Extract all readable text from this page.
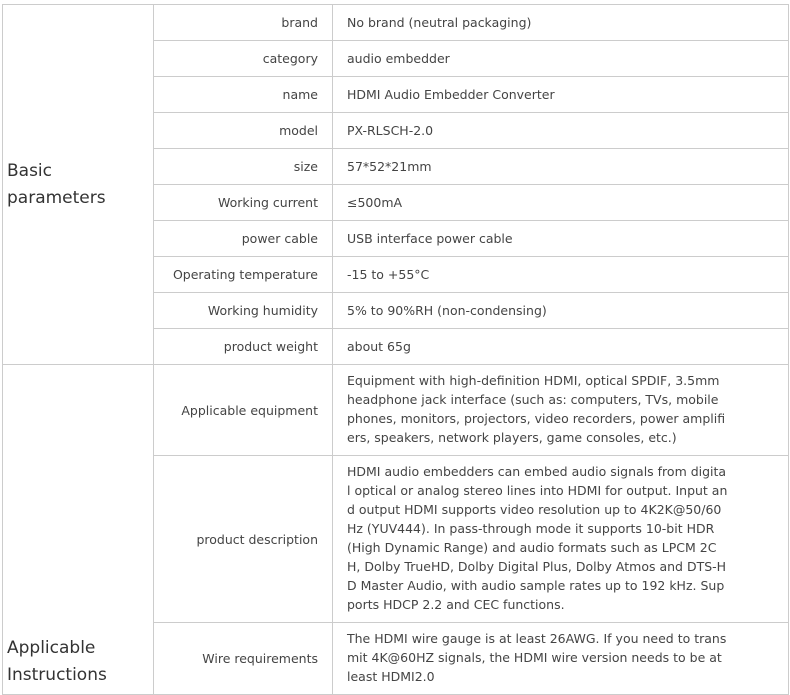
Basic parameters	brand	No brand (neutral packaging)
	category	audio embedder
	name	HDMI Audio Embedder Converter
	model	PX-RLSCH-2.0
	size	57*52*21mm
	Working current	≤500mA
	power cable	USB interface power cable
	Operating temperature	-15 to +55°C
	Working humidity	5% to 90%RH (non-condensing)
	product weight	about 65g

Applicable Instructions	Applicable equipment	Equipment with high-definition HDMI, optical SPDIF, 3.5mm headphone jack interface (such as: computers, TVs, mobile phones, monitors, projectors, video recorders, power amplifiers, speakers, network players, game consoles, etc.)
	product description	HDMI audio embedders can embed audio signals from digital optical or analog stereo lines into HDMI for output. Input and output HDMI supports video resolution up to 4K2K@50/60Hz (YUV444). In pass-through mode it supports 10-bit HDR (High Dynamic Range) and audio formats such as LPCM 2CH, Dolby TrueHD, Dolby Digital Plus, Dolby Atmos and DTS-HD Master Audio, with audio sample rates up to 192 kHz. Supports HDCP 2.2 and CEC functions.
	Wire requirements	The HDMI wire gauge is at least 26AWG. If you need to transmit 4K@60HZ signals, the HDMI wire version needs to be at least HDMI2.0
